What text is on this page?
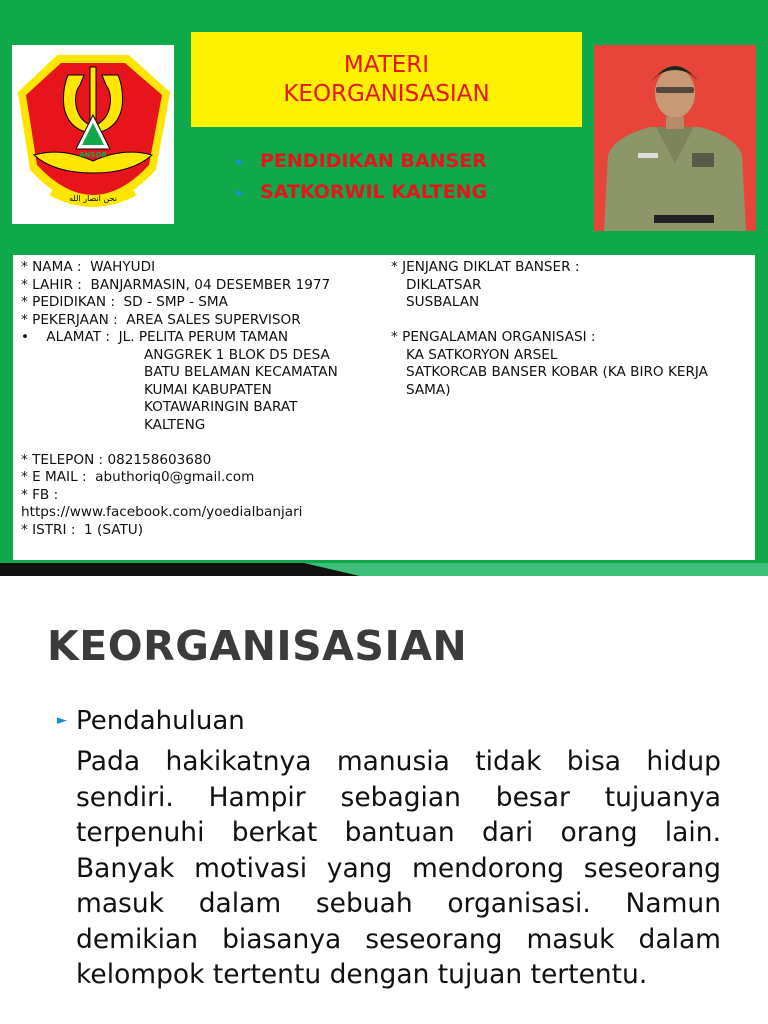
ANSOR
نحن انصار الله
MATERI
KEORGANISASIAN
► PENDIDIKAN BANSER
► SATKORWIL KALTENG
* NAMA :  WAHYUDI
* LAHIR :  BANJARMASIN, 04 DESEMBER 1977
* PEDIDIKAN :  SD - SMP - SMA
* PEKERJAAN :  AREA SALES SUPERVISOR
•    ALAMAT :  JL. PELITA PERUM TAMAN
ANGGREK 1 BLOK D5 DESA
BATU BELAMAN KECAMATAN
KUMAI KABUPATEN
KOTAWARINGIN BARAT
KALTENG

* TELEPON : 082158603680
* E MAIL :  abuthoriq0@gmail.com
* FB :
https://www.facebook.com/yoedialbanjari
* ISTRI :  1 (SATU)
* JENJANG DIKLAT BANSER :
DIKLATSAR
SUSBALAN

* PENGALAMAN ORGANISASI :
KA SATKORYON ARSEL
SATKORCAB BANSER KOBAR (KA BIRO KERJA
SAMA)
KEORGANISASIAN
► Pendahuluan
Pada hakikatnya manusia tidak bisa hidup sendiri. Hampir sebagian besar tujuanya terpenuhi berkat bantuan dari orang lain. Banyak motivasi yang mendorong seseorang masuk dalam sebuah organisasi. Namun demikian biasanya seseorang masuk dalam kelompok tertentu dengan tujuan tertentu.
